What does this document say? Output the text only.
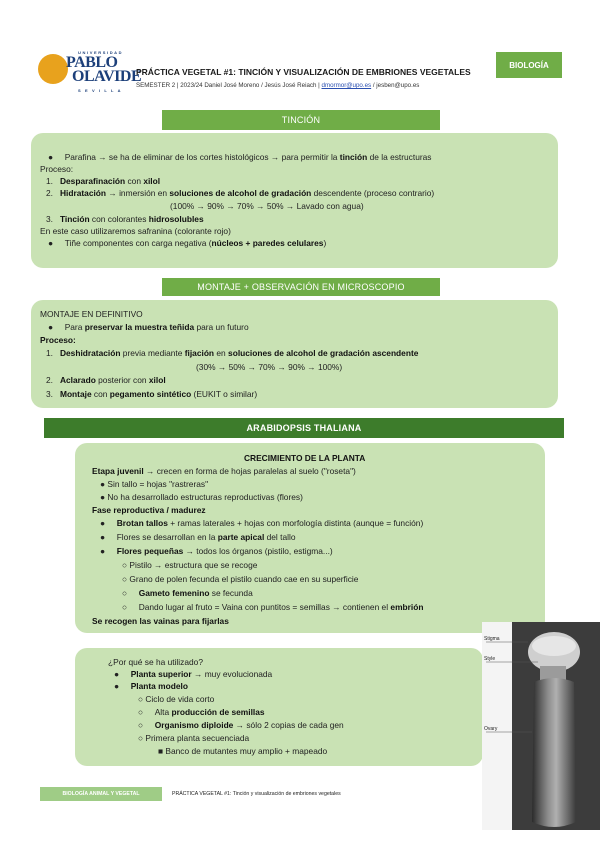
UNIVERSIDAD
PABLO
OLAVIDE
S E V I L L A
PRÁCTICA VEGETAL #1: TINCIÓN Y VISUALIZACIÓN DE EMBRIONES VEGETALES
SEMESTER 2 | 2023/24 Daniel José Moreno / Jesús José Reiach | dmormor@upo.es / jesben@upo.es
BIOLOGÍA
TINCIÓN
●     Parafina → se ha de eliminar de los cortes histológicos → para permitir la tinción de la estructuras
Proceso:
1.   Desparafinación con xilol
2.   Hidratación → inmersión en soluciones de alcohol de gradación descendente (proceso contrario)
(100% → 90% → 70% → 50% → Lavado con agua)
3.   Tinción con colorantes hidrosolubles
En este caso utilizaremos safranina (colorante rojo)
●     Tiñe componentes con carga negativa (núcleos + paredes celulares)
MONTAJE + OBSERVACIÓN EN MICROSCOPIO
MONTAJE EN DEFINITIVO
●     Para preservar la muestra teñida para un futuro
Proceso:
1.   Deshidratación previa mediante fijación en soluciones de alcohol de gradación ascendente
(30% → 50% → 70% → 90% → 100%)
2.   Aclarado posterior con xilol
3.   Montaje con pegamento sintético (EUKIT o similar)
ARABIDOPSIS THALIANA
CRECIMIENTO DE LA PLANTA
Etapa juvenil → crecen en forma de hojas paralelas al suelo ("roseta")
● Sin tallo = hojas "rastreras"
● No ha desarrollado estructuras reproductivas (flores)
Fase reproductiva / madurez
●     Brotan tallos + ramas laterales + hojas con morfología distinta (aunque = función)
●     Flores se desarrollan en la parte apical del tallo
●     Flores pequeñas → todos los órganos (pistilo, estigma...)
○ Pistilo → estructura que se recoge
○ Grano de polen fecunda el pistilo cuando cae en su superficie
○     Gameto femenino se fecunda
○     Dando lugar al fruto = Vaina con puntitos = semillas → contienen el embrión
Se recogen las vainas para fijarlas
¿Por qué se ha utilizado?
●     Planta superior → muy evolucionada
●     Planta modelo
○ Ciclo de vida corto
○     Alta producción de semillas
○     Organismo diploide → sólo 2 copias de cada gen
○ Primera planta secuenciada
■ Banco de mutantes muy amplio + mapeado
Stigma
Style
Ovary
BIOLOGÍA ANIMAL Y VEGETAL	PRÁCTICA VEGETAL #1: Tinción y visualización de embriones vegetales
